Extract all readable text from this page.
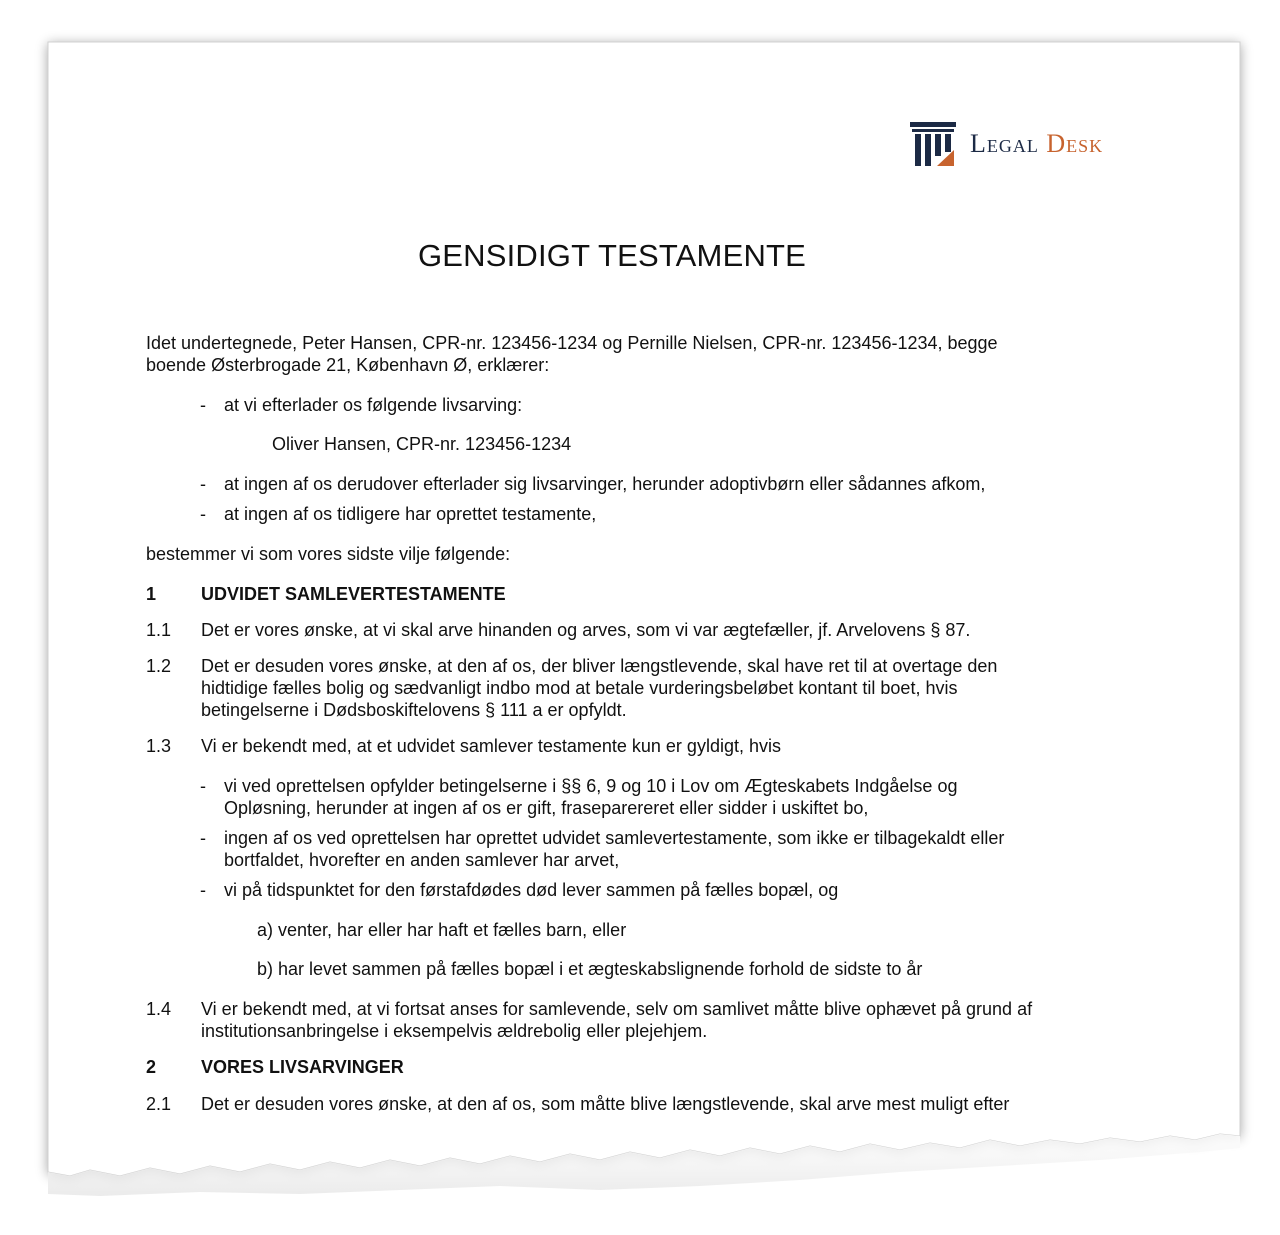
Legal Desk
GENSIDIGT TESTAMENTE
Idet undertegnede, Peter Hansen, CPR-nr. 123456-1234 og Pernille Nielsen, CPR-nr. 123456-1234, begge
boende Østerbrogade 21, København Ø, erklærer:
- at vi efterlader os følgende livsarving:
Oliver Hansen, CPR-nr. 123456-1234
- at ingen af os derudover efterlader sig livsarvinger, herunder adoptivbørn eller sådannes afkom,
- at ingen af os tidligere har oprettet testamente,
bestemmer vi som vores sidste vilje følgende:
1 UDVIDET SAMLEVERTESTAMENTE
1.1 Det er vores ønske, at vi skal arve hinanden og arves, som vi var ægtefæller, jf. Arvelovens § 87.
1.2 Det er desuden vores ønske, at den af os, der bliver længstlevende, skal have ret til at overtage den
hidtidige fælles bolig og sædvanligt indbo mod at betale vurderingsbeløbet kontant til boet, hvis
betingelserne i Dødsboskiftelovens § 111 a er opfyldt.
1.3 Vi er bekendt med, at et udvidet samlever testamente kun er gyldigt, hvis
- vi ved oprettelsen opfylder betingelserne i §§ 6, 9 og 10 i Lov om Ægteskabets Indgåelse og
Opløsning, herunder at ingen af os er gift, fraseparereret eller sidder i uskiftet bo,
- ingen af os ved oprettelsen har oprettet udvidet samlevertestamente, som ikke er tilbagekaldt eller
bortfaldet, hvorefter en anden samlever har arvet,
- vi på tidspunktet for den førstafdødes død lever sammen på fælles bopæl, og
a) venter, har eller har haft et fælles barn, eller
b) har levet sammen på fælles bopæl i et ægteskabslignende forhold de sidste to år
1.4 Vi er bekendt med, at vi fortsat anses for samlevende, selv om samlivet måtte blive ophævet på grund af
institutionsanbringelse i eksempelvis ældrebolig eller plejehjem.
2 VORES LIVSARVINGER
2.1 Det er desuden vores ønske, at den af os, som måtte blive længstlevende, skal arve mest muligt efter
